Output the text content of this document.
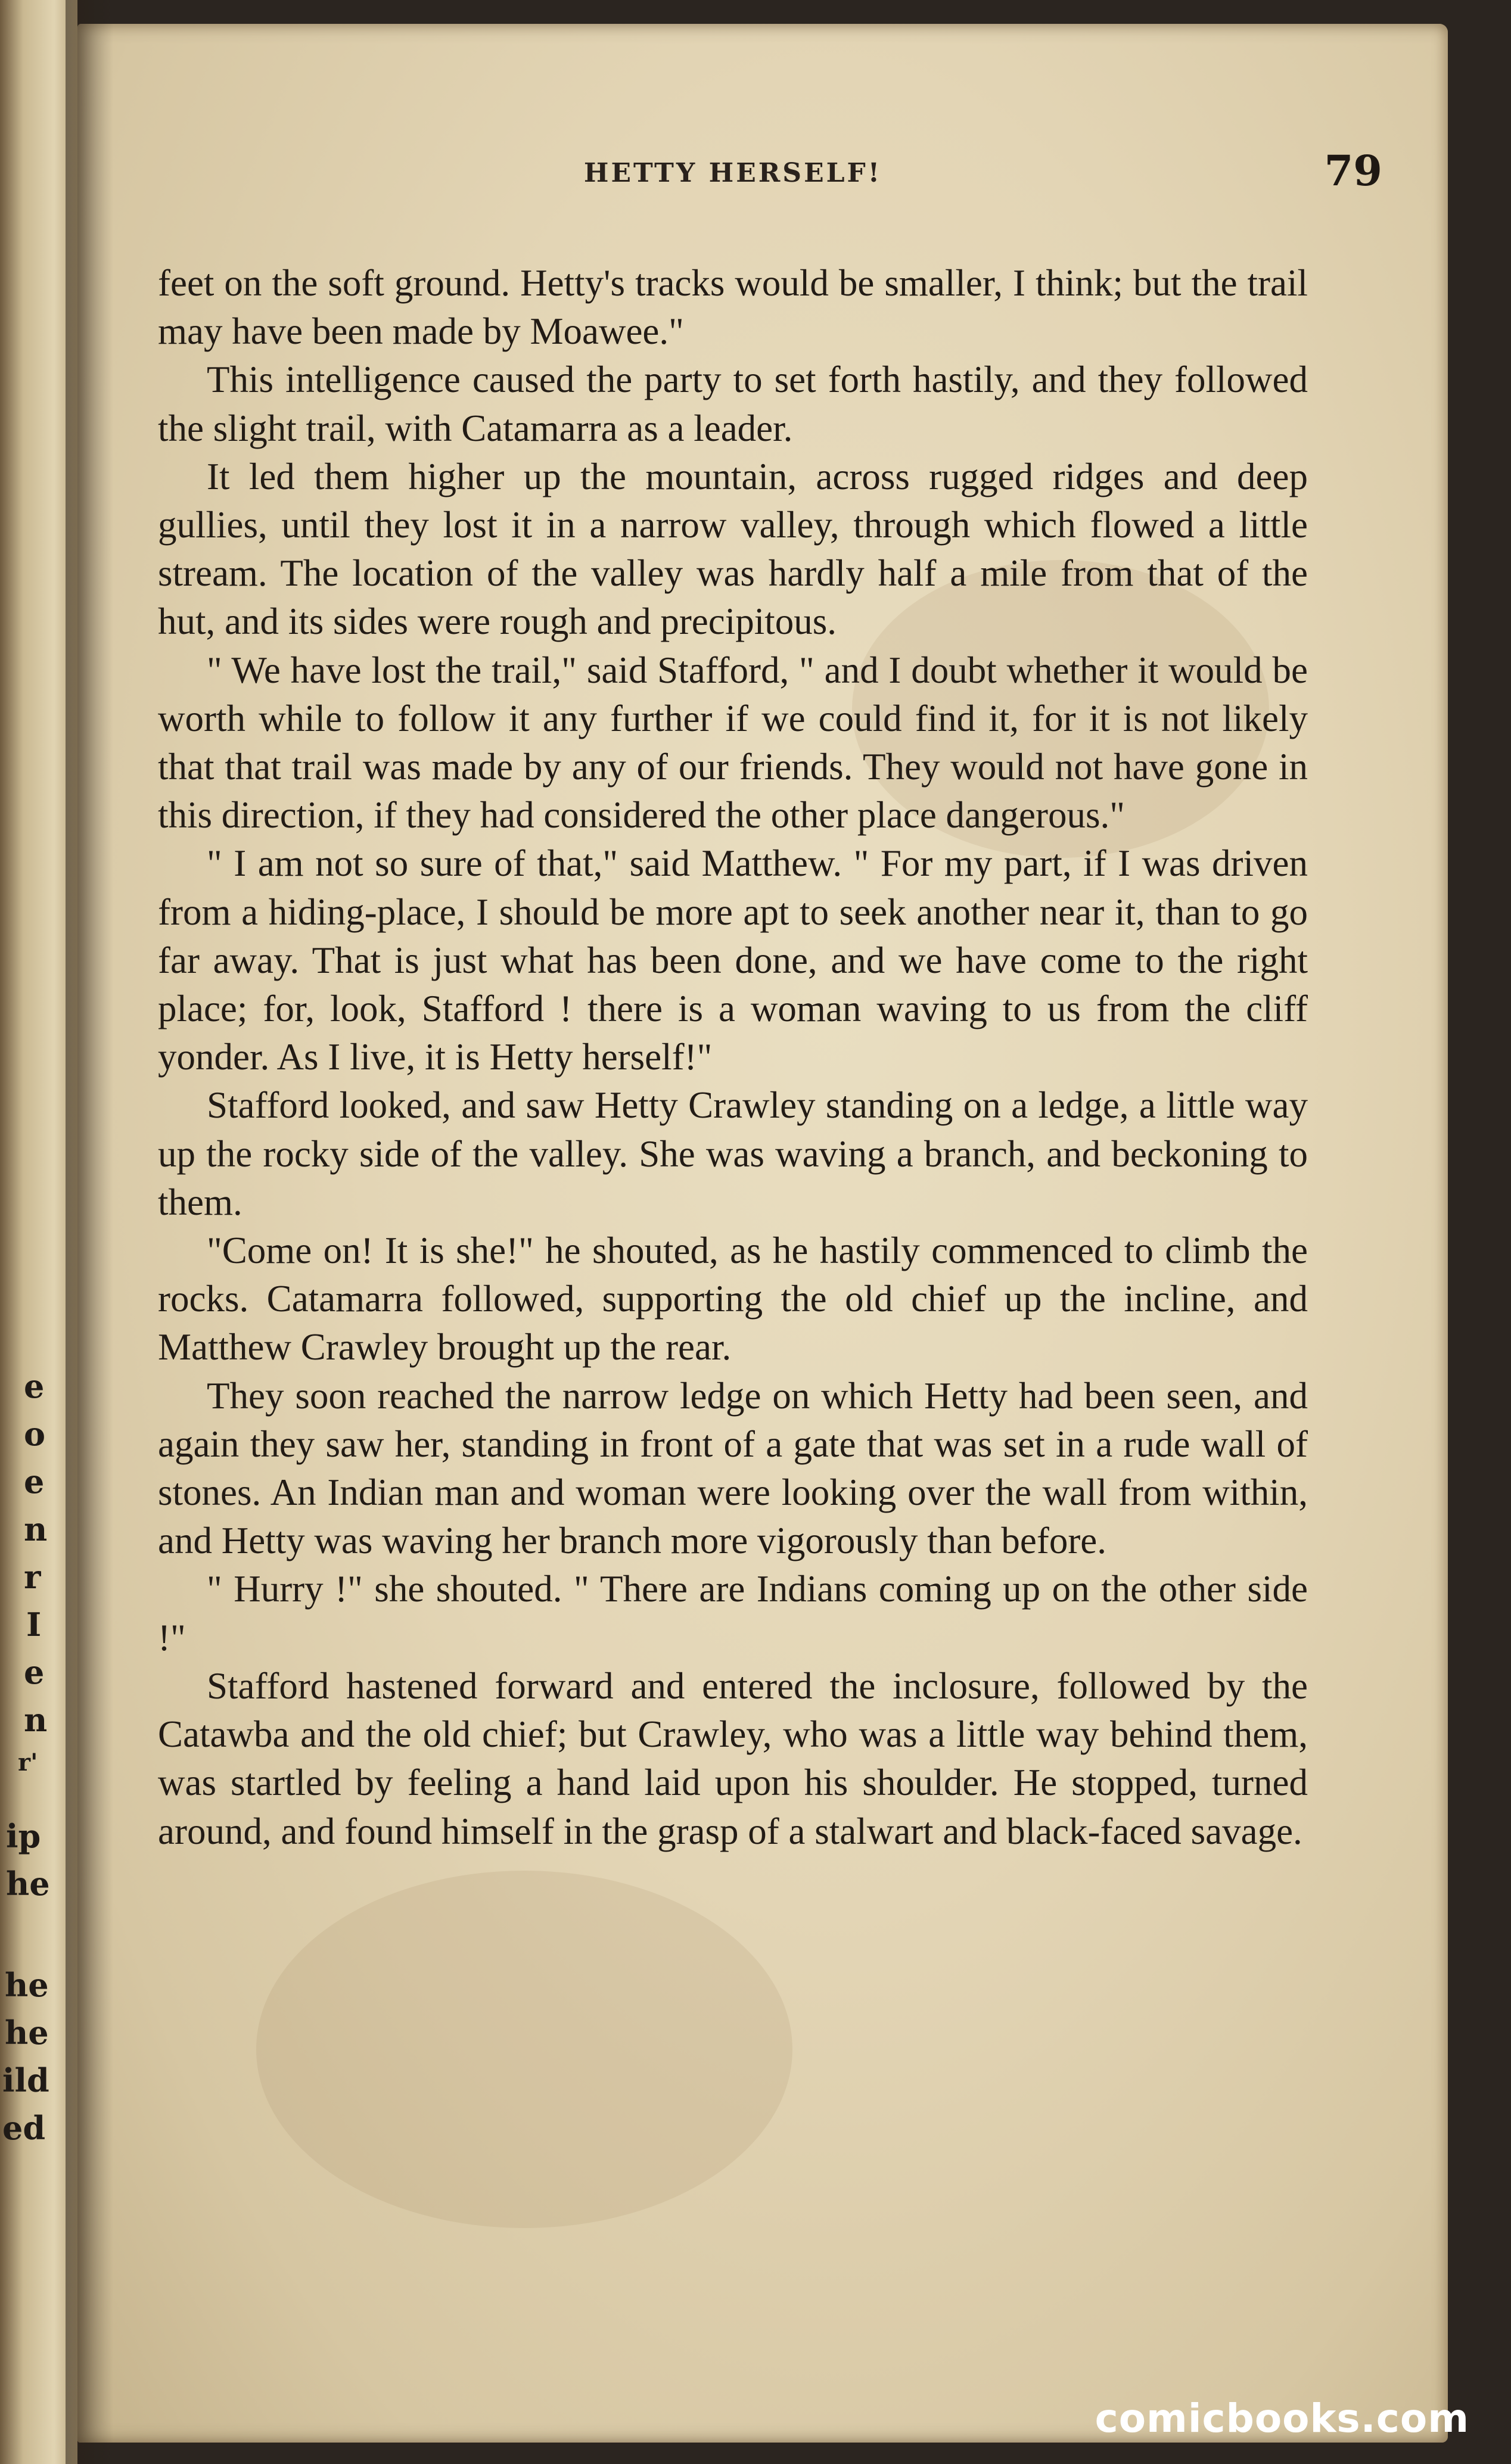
e
o
e
n
r
I
e
n
r'
ip
he
he
he
ild
ed
HETTY HERSELF!	79

feet on the soft ground. Hetty's tracks would be smaller, I think; but the trail may have been made by Moawee."

This intelligence caused the party to set forth hastily, and they followed the slight trail, with Catamarra as a leader.

It led them higher up the mountain, across rugged ridges and deep gullies, until they lost it in a narrow valley, through which flowed a little stream. The location of the valley was hardly half a mile from that of the hut, and its sides were rough and precipitous.

" We have lost the trail," said Stafford, " and I doubt whether it would be worth while to follow it any further if we could find it, for it is not likely that that trail was made by any of our friends. They would not have gone in this direction, if they had considered the other place dangerous."

" I am not so sure of that," said Matthew. " For my part, if I was driven from a hiding-place, I should be more apt to seek another near it, than to go far away. That is just what has been done, and we have come to the right place; for, look, Stafford ! there is a woman waving to us from the cliff yonder. As I live, it is Hetty herself!"

Stafford looked, and saw Hetty Crawley standing on a ledge, a little way up the rocky side of the valley. She was waving a branch, and beckoning to them.

"Come on! It is she!" he shouted, as he hastily commenced to climb the rocks. Catamarra followed, supporting the old chief up the incline, and Matthew Crawley brought up the rear.

They soon reached the narrow ledge on which Hetty had been seen, and again they saw her, standing in front of a gate that was set in a rude wall of stones. An Indian man and woman were looking over the wall from within, and Hetty was waving her branch more vigorously than before.

" Hurry !" she shouted. " There are Indians coming up on the other side !"

Stafford hastened forward and entered the inclosure, followed by the Catawba and the old chief; but Crawley, who was a little way behind them, was startled by feeling a hand laid upon his shoulder. He stopped, turned around, and found himself in the grasp of a stalwart and black-faced savage.

comicbooks.com
